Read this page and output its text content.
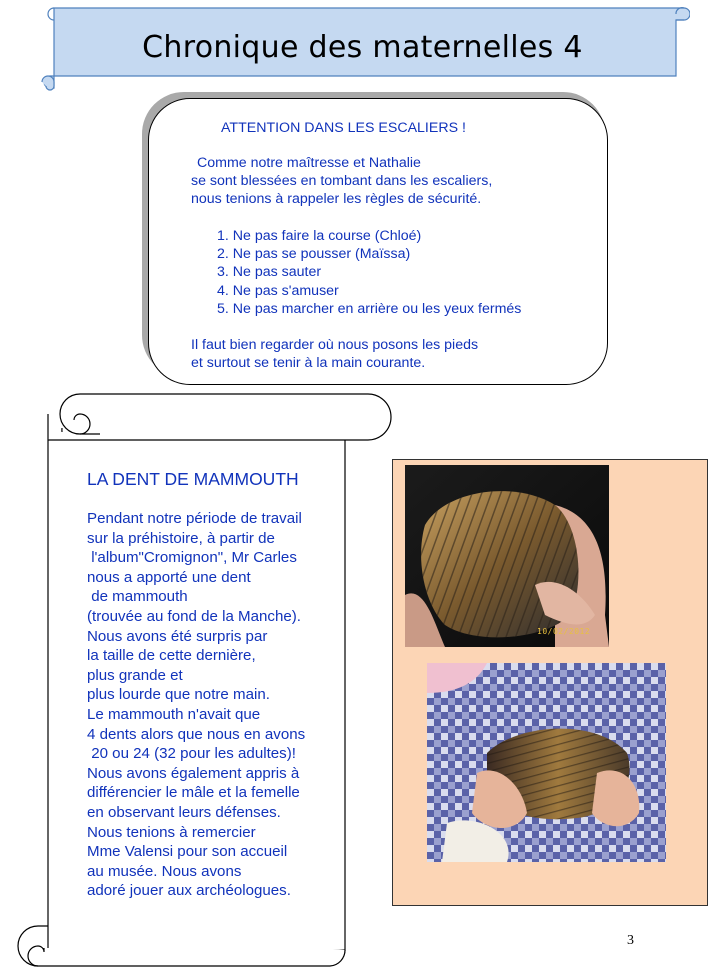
Chronique des maternelles 4
ATTENTION DANS LES ESCALIERS !
Comme notre maîtresse et Nathalie
se sont blessées en tombant dans les escaliers,
nous tenions à rappeler les règles de sécurité.
1. Ne pas faire la course (Chloé)
2. Ne pas se pousser (Maïssa)
3. Ne pas sauter
4. Ne pas s'amuser
5. Ne pas marcher en arrière ou les yeux fermés
Il faut bien regarder où nous posons les pieds
et surtout se tenir à la main courante.
LA DENT DE MAMMOUTH
Pendant notre période de travail
sur la préhistoire, à partir de
l'album"Cromignon", Mr Carles
nous a apporté une dent
de mammouth
(trouvée au fond de la Manche).
Nous avons été surpris par
la taille de cette dernière,
plus grande et
plus lourde que notre main.
Le mammouth n'avait que
4 dents alors que nous en avons
20 ou 24 (32 pour les adultes)!
Nous avons également appris à
différencier le mâle et la femelle
en observant leurs défenses.
Nous tenions à remercier
Mme Valensi pour son accueil
au musée. Nous avons
adoré jouer aux archéologues.
10/02/2012
3
